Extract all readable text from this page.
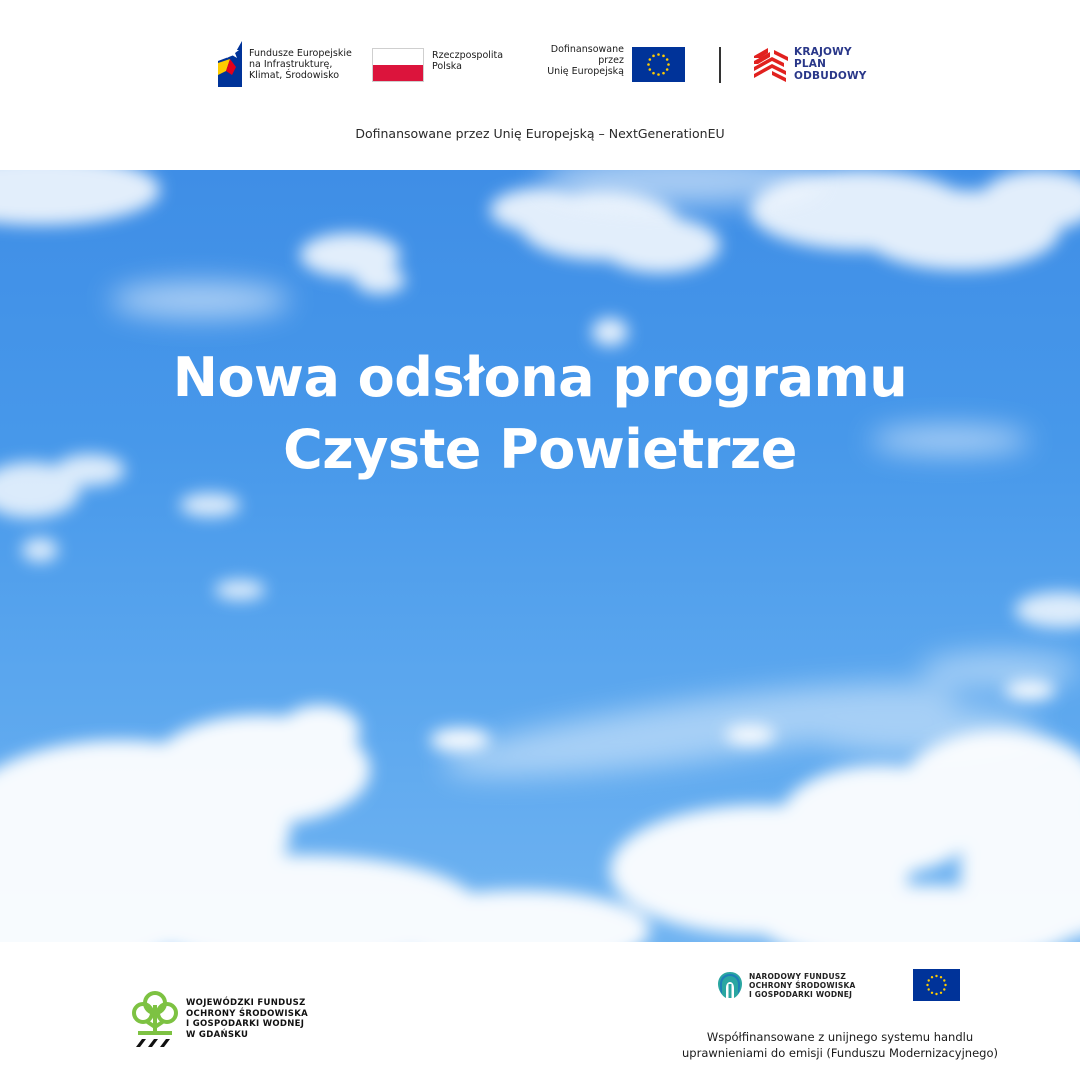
Fundusze Europejskie
na Infrastrukturę,
Klimat, Środowisko
Rzeczpospolita
Polska
Dofinansowane przez
Unię Europejską
KRAJOWY
PLAN
ODBUDOWY
Dofinansowane przez Unię Europejską – NextGenerationEU
Nowa odsłona programu
Czyste Powietrze
WOJEWÓDZKI FUNDUSZ
OCHRONY ŚRODOWISKA
I GOSPODARKI WODNEJ
W GDAŃSKU
NARODOWY FUNDUSZ
OCHRONY ŚRODOWISKA
I GOSPODARKI WODNEJ
Współfinansowane z unijnego systemu handlu
uprawnieniami do emisji (Funduszu Modernizacyjnego)
